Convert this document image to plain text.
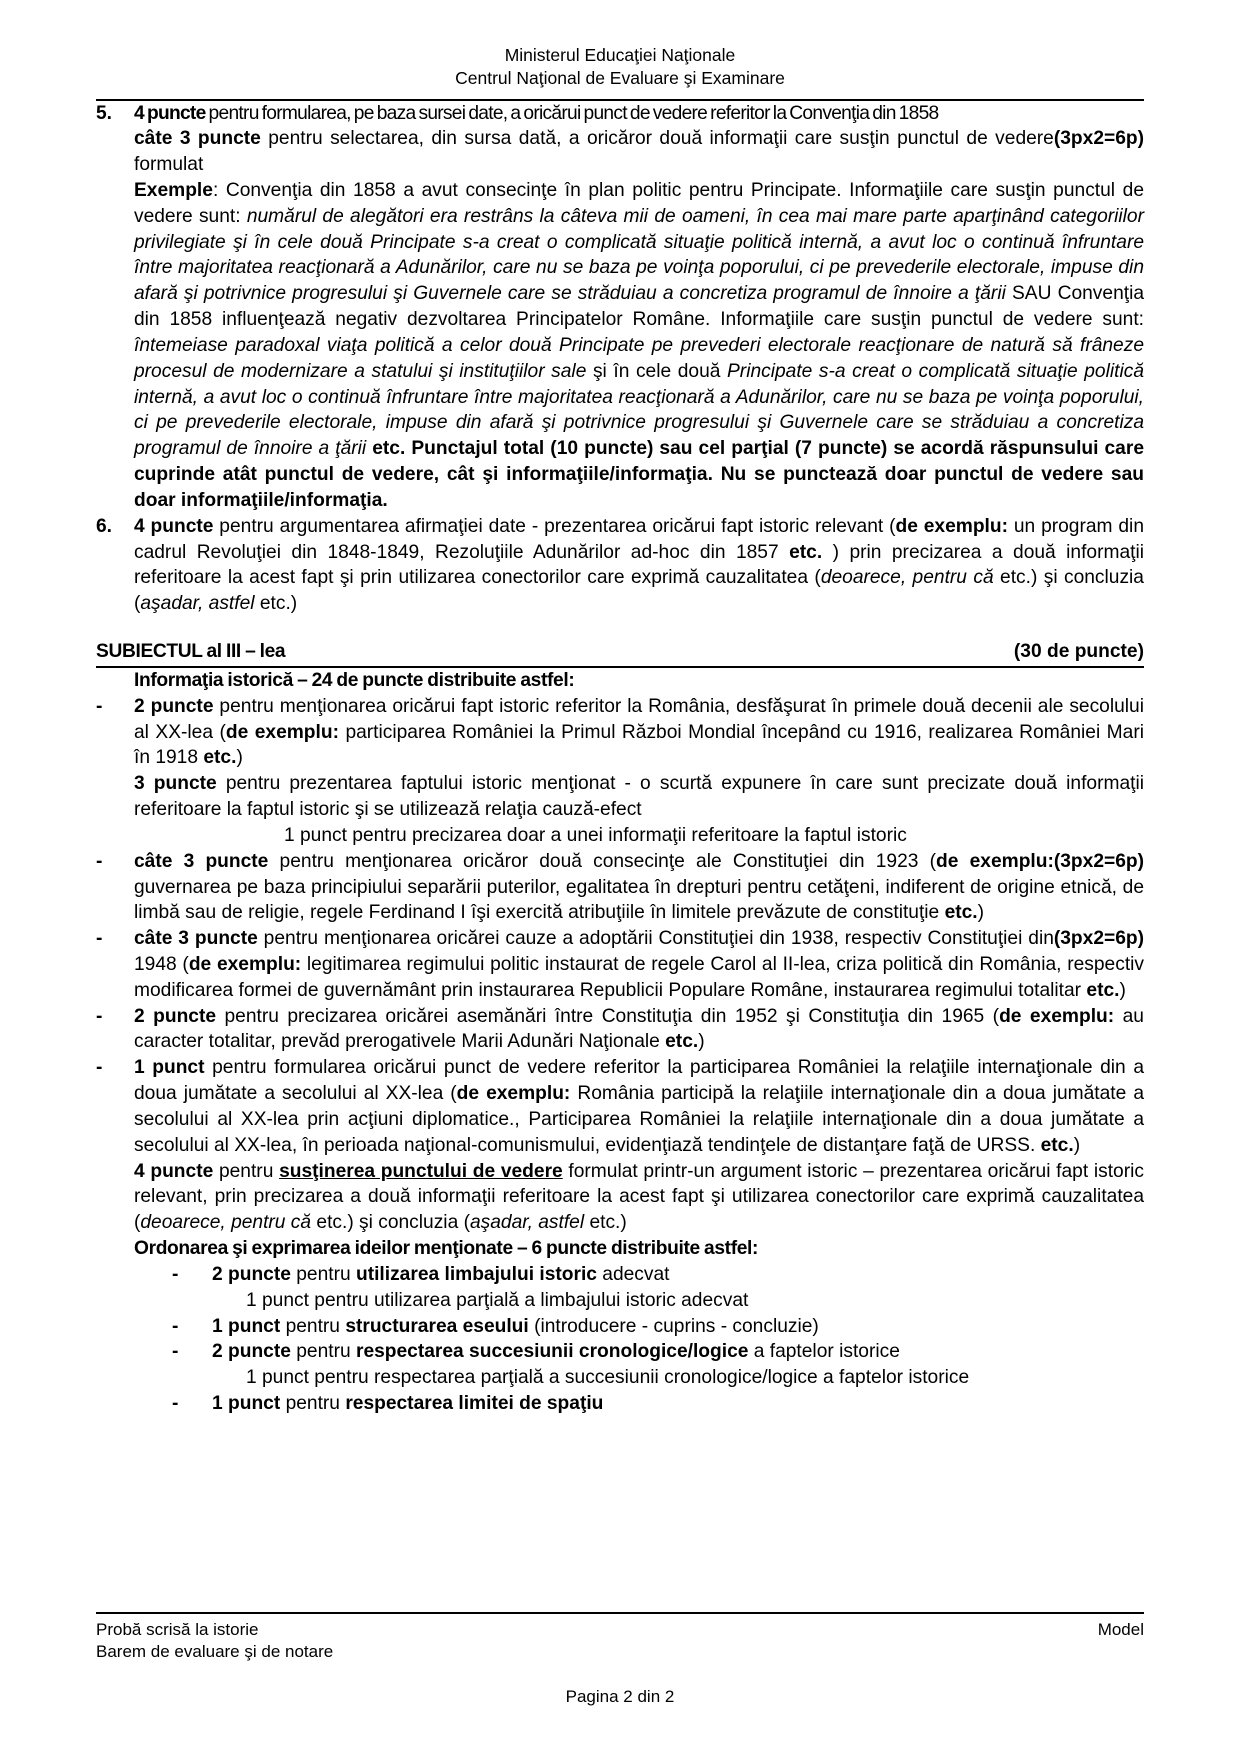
Ministerul Educaţiei Naţionale
Centrul Naţional de Evaluare şi Examinare
5.	4 puncte pentru formularea, pe baza sursei date, a oricărui punct de vedere referitor la Convenţia din 1858
(3px2=6p)
câte 3 puncte pentru selectarea, din sursa dată, a oricăror două informaţii care susţin punctul de vedere formulat
Exemple: Convenţia din 1858 a avut consecinţe în plan politic pentru Principate. Informaţiile care susţin punctul de vedere sunt: numărul de alegători era restrâns la câteva mii de oameni, în cea mai mare parte aparţinând categoriilor privilegiate şi în cele două Principate s-a creat o complicată situaţie politică internă, a avut loc o continuă înfruntare între majoritatea reacţionară a Adunărilor, care nu se baza pe voinţa poporului, ci pe prevederile electorale, impuse din afară şi potrivnice progresului şi Guvernele care se străduiau a concretiza programul de înnoire a ţării SAU Convenţia din 1858 influenţează negativ dezvoltarea Principatelor Române. Informaţiile care susţin punctul de vedere sunt: întemeiase paradoxal viaţa politică a celor două Principate pe prevederi electorale reacţionare de natură să frâneze procesul de modernizare a statului şi instituţiilor sale şi în cele două Principate s-a creat o complicată situaţie politică internă, a avut loc o continuă înfruntare între majoritatea reacţionară a Adunărilor, care nu se baza pe voinţa poporului, ci pe prevederile electorale, impuse din afară şi potrivnice progresului şi Guvernele care se străduiau a concretiza programul de înnoire a ţării etc. Punctajul total (10 puncte) sau cel parţial (7 puncte) se acordă răspunsului care cuprinde atât punctul de vedere, cât şi informaţiile/informaţia. Nu se punctează doar punctul de vedere sau doar informaţiile/informaţia.
6.	4 puncte pentru argumentarea afirmaţiei date - prezentarea oricărui fapt istoric relevant (de exemplu: un program din cadrul Revoluţiei din 1848-1849, Rezoluţiile Adunărilor ad-hoc din 1857 etc. ) prin precizarea a două informaţii referitoare la acest fapt şi prin utilizarea conectorilor care exprimă cauzalitatea (deoarece, pentru că etc.) şi concluzia (aşadar, astfel etc.)
SUBIECTUL al III – lea	(30 de puncte)
Informaţia istorică – 24 de puncte distribuite astfel:
-	2 puncte pentru menţionarea oricărui fapt istoric referitor la România, desfăşurat în primele două decenii ale secolului al XX-lea (de exemplu: participarea României la Primul Război Mondial începând cu 1916, realizarea României Mari în 1918 etc.)
3 puncte pentru prezentarea faptului istoric menţionat - o scurtă expunere în care sunt precizate două informaţii referitoare la faptul istoric şi se utilizează relaţia cauză-efect
1 punct pentru precizarea doar a unei informaţii referitoare la faptul istoric
-	(3px2=6p)
câte 3 puncte pentru menţionarea oricăror două consecinţe ale Constituţiei din 1923 (de exemplu: guvernarea pe baza principiului separării puterilor, egalitatea în drepturi pentru cetăţeni, indiferent de origine etnică, de limbă sau de religie, regele Ferdinand I îşi exercită atribuţiile în limitele prevăzute de constituţie etc.)
-	(3px2=6p)
câte 3 puncte pentru menţionarea oricărei cauze a adoptării Constituţiei din 1938, respectiv Constituţiei din 1948 (de exemplu: legitimarea regimului politic instaurat de regele Carol al II-lea, criza politică din România, respectiv modificarea formei de guvernământ prin instaurarea Republicii Populare Române, instaurarea regimului totalitar etc.)
-	2 puncte pentru precizarea oricărei asemănări între Constituţia din 1952 şi Constituţia din 1965 (de exemplu: au caracter totalitar, prevăd prerogativele Marii Adunări Naţionale etc.)
-	1 punct pentru formularea oricărui punct de vedere referitor la participarea României la relaţiile internaţionale din a doua jumătate a secolului al XX-lea (de exemplu: România participă la relaţiile internaţionale din a doua jumătate a secolului al XX-lea prin acţiuni diplomatice., Participarea României la relaţiile internaţionale din a doua jumătate a secolului al XX-lea, în perioada naţional-comunismului, evidenţiază tendinţele de distanţare faţă de URSS. etc.)
4 puncte pentru susţinerea punctului de vedere formulat printr-un argument istoric – prezentarea oricărui fapt istoric relevant, prin precizarea a două informaţii referitoare la acest fapt şi utilizarea conectorilor care exprimă cauzalitatea (deoarece, pentru că etc.) şi concluzia (aşadar, astfel etc.)
Ordonarea şi exprimarea ideilor menţionate – 6 puncte distribuite astfel:
-	2 puncte pentru utilizarea limbajului istoric adecvat
1 punct pentru utilizarea parţială a limbajului istoric adecvat
-	1 punct pentru structurarea eseului (introducere - cuprins - concluzie)
-	2 puncte pentru respectarea succesiunii cronologice/logice a faptelor istorice
1 punct pentru respectarea parţială a succesiunii cronologice/logice a faptelor istorice
-	1 punct pentru respectarea limitei de spaţiu
Probă scrisă la istorie
Barem de evaluare şi de notare
Model
Pagina 2 din 2
